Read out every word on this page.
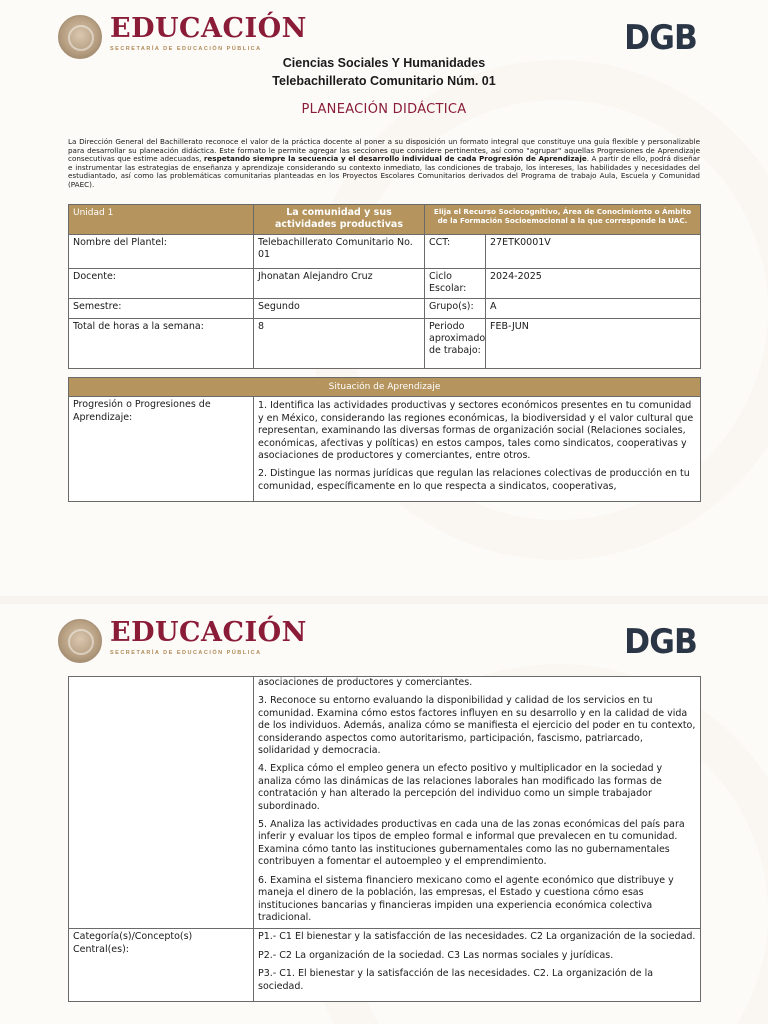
EDUCACIÓN
SECRETARÍA DE EDUCACIÓN PÚBLICA	DGB
Ciencias Sociales Y Humanidades
Telebachillerato Comunitario Núm. 01
PLANEACIÓN DIDÁCTICA
La Dirección General del Bachillerato reconoce el valor de la práctica docente al poner a su disposición un formato integral que constituye una guía flexible y personalizable para desarrollar su planeación didáctica. Este formato le permite agregar las secciones que considere pertinentes, así como "agrupar" aquellas Progresiones de Aprendizaje consecutivas que estime adecuadas, respetando siempre la secuencia y el desarrollo individual de cada Progresión de Aprendizaje. A partir de ello, podrá diseñar e instrumentar las estrategias de enseñanza y aprendizaje considerando su contexto inmediato, las condiciones de trabajo, los intereses, las habilidades y necesidades del estudiantado, así como las problemáticas comunitarias planteadas en los Proyectos Escolares Comunitarios derivados del Programa de trabajo Aula, Escuela y Comunidad (PAEC).
Unidad 1	La comunidad y sus actividades productivas	Elija el Recurso Sociocognitivo, Área de Conocimiento o Ámbito de la Formación Socioemocional a la que corresponde la UAC.	
Nombre del Plantel:	Telebachillerato Comunitario No. 01	CCT:	27ETK0001V
Docente:	Jhonatan Alejandro Cruz	Ciclo Escolar:	2024-2025
Semestre:	Segundo	Grupo(s):	A
Total de horas a la semana:	8	Periodo aproximado de trabajo:	FEB-JUN
Situación de Aprendizaje
Progresión o Progresiones de Aprendizaje:	

1. Identifica las actividades productivas y sectores económicos presentes en tu comunidad y en México, considerando las regiones económicas, la biodiversidad y el valor cultural que representan, examinando las diversas formas de organización social (Relaciones sociales, económicas, afectivas y políticas) en estos campos, tales como sindicatos, cooperativas y asociaciones de productores y comerciantes, entre otros.

2. Distingue las normas jurídicas que regulan las relaciones colectivas de producción en tu comunidad, específicamente en lo que respecta a sindicatos, cooperativas,

EDUCACIÓN
SECRETARÍA DE EDUCACIÓN PÚBLICA	DGB

	asociaciones de productores y comerciantes.

3. Reconoce su entorno evaluando la disponibilidad y calidad de los servicios en tu comunidad. Examina cómo estos factores influyen en su desarrollo y en la calidad de vida de los individuos. Además, analiza cómo se manifiesta el ejercicio del poder en tu contexto, considerando aspectos como autoritarismo, participación, fascismo, patriarcado, solidaridad y democracia.

4. Explica cómo el empleo genera un efecto positivo y multiplicador en la sociedad y analiza cómo las dinámicas de las relaciones laborales han modificado las formas de contratación y han alterado la percepción del individuo como un simple trabajador subordinado.

5. Analiza las actividades productivas en cada una de las zonas económicas del país para inferir y evaluar los tipos de empleo formal e informal que prevalecen en tu comunidad. Examina cómo tanto las instituciones gubernamentales como las no gubernamentales contribuyen a fomentar el autoempleo y el emprendimiento.

6. Examina el sistema financiero mexicano como el agente económico que distribuye y maneja el dinero de la población, las empresas, el Estado y cuestiona cómo esas instituciones bancarias y financieras impiden una experiencia económica colectiva tradicional.

Categoría(s)/Concepto(s) Central(es):	P1.- C1 El bienestar y la satisfacción de las necesidades. C2 La organización de la sociedad.

P2.- C2 La organización de la sociedad. C3 Las normas sociales y jurídicas.

P3.- C1. El bienestar y la satisfacción de las necesidades. C2. La organización de la sociedad.
